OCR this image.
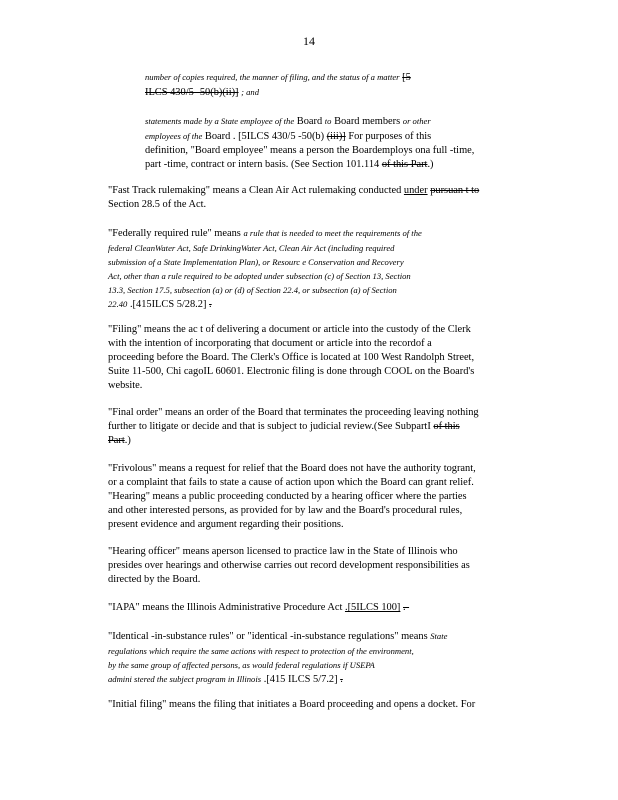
14
number of copies required, the manner of filing, and the status of a matter [5
ILCS 430/5 -50(b)(ii)] ; and
statements made by a State employee of the Board to Board members or other
employees of the Board . [5ILCS 430/5 -50(b) (iii)] For purposes of this
definition, "Board employee" means a person the Boardemploys ona full -time,
part -time, contract or intern basis. (See Section 101.114 of this Part.)
"Fast Track rulemaking" means a Clean Air Act rulemaking conducted under pursuan t to
Section 28.5 of the Act.
"Federally required rule" means a rule that is needed to meet the requirements of the
federal CleanWater Act, Safe DrinkingWater Act, Clean Air Act (including required
submission of a State Implementation Plan), or Resourc e Conservation and Recovery
Act, other than a rule required to be adopted under subsection (c) of Section 13, Section
13.3, Section 17.5, subsection (a) or (d) of Section 22.4, or subsection (a) of Section
22.40 .[415ILCS 5/28.2] .
"Filing" means the ac t of delivering a document or article into the custody of the Clerk
with the intention of incorporating that document or article into the recordof a
proceeding before the Board. The Clerk's Office is located at 100 West Randolph Street,
Suite 11-500, Chi cagoIL 60601. Electronic filing is done through COOL on the Board's
website.
"Final order" means an order of the Board that terminates the proceeding leaving nothing
further to litigate or decide and that is subject to judicial review.(See SubpartI of this
Part.)
"Frivolous" means a request for relief that the Board does not have the authority togrant,
or a complaint that fails to state a cause of action upon which the Board can grant relief.
"Hearing" means a public proceeding conducted by a hearing officer where the parties
and other interested persons, as provided for by law and the Board's procedural rules,
present evidence and argument regarding their positions.
"Hearing officer" means aperson licensed to practice law in the State of Illinois who
presides over hearings and otherwise carries out record development responsibilities as
directed by the Board.
"IAPA" means the Illinois Administrative Procedure Act .[5ILCS 100] .-
"Identical -in-substance rules" or "identical -in-substance regulations" means State
regulations which require the same actions with respect to protection of the environment,
by the same group of affected persons, as would federal regulations if USEPA
admini stered the subject program in Illinois .[415 ILCS 5/7.2] .
"Initial filing" means the filing that initiates a Board proceeding and opens a docket. For
